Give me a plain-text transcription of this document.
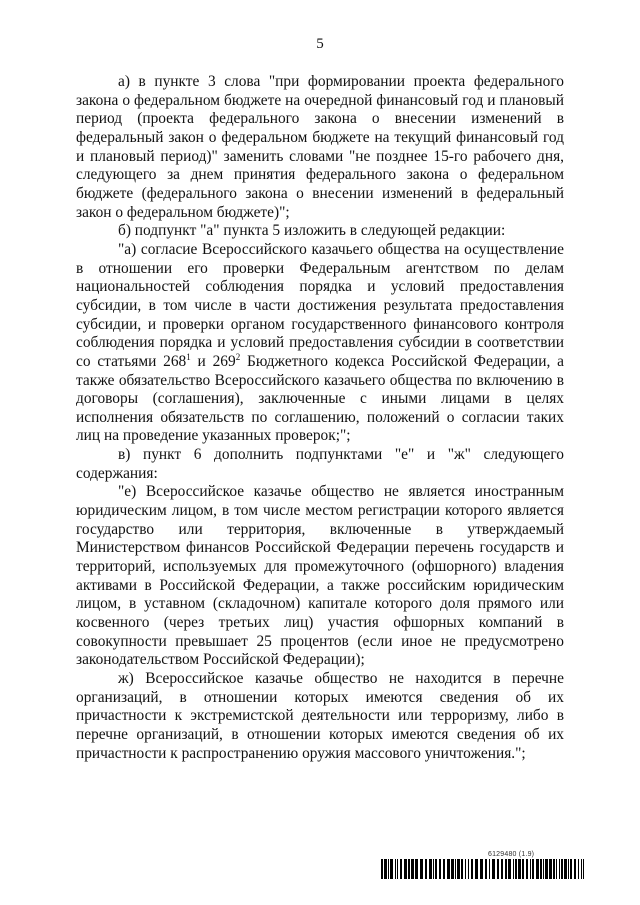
5

а) в пункте 3 слова "при формировании проекта федерального закона о федеральном бюджете на очередной финансовый год и плановый период (проекта федерального закона о внесении изменений в федеральный закон о федеральном бюджете на текущий финансовый год и плановый период)" заменить словами "не позднее 15-го рабочего дня, следующего за днем принятия федерального закона о федеральном бюджете (федерального закона о внесении изменений в федеральный закон о федеральном бюджете)";

б) подпункт "а" пункта 5 изложить в следующей редакции:

"а) согласие Всероссийского казачьего общества на осуществление в отношении его проверки Федеральным агентством по делам национальностей соблюдения порядка и условий предоставления субсидии, в том числе в части достижения результата предоставления субсидии, и проверки органом государственного финансового контроля соблюдения порядка и условий предоставления субсидии в соответствии со статьями $268^1$ и $269^2$ Бюджетного кодекса Российской Федерации, а также обязательство Всероссийского казачьего общества по включению в договоры (соглашения), заключенные с иными лицами в целях исполнения обязательств по соглашению, положений о согласии таких лиц на проведение указанных проверок;";

в) пункт 6 дополнить подпунктами "е" и "ж" следующего содержания:

"е) Всероссийское казачье общество не является иностранным юридическим лицом, в том числе местом регистрации которого является государство или территория, включенные в утверждаемый Министерством финансов Российской Федерации перечень государств и территорий, используемых для промежуточного (офшорного) владения активами в Российской Федерации, а также российским юридическим лицом, в уставном (складочном) капитале которого доля прямого или косвенного (через третьих лиц) участия офшорных компаний в совокупности превышает 25 процентов (если иное не предусмотрено законодательством Российской Федерации);

ж) Всероссийское казачье общество не находится в перечне организаций, в отношении которых имеются сведения об их причастности к экстремистской деятельности или терроризму, либо в перечне организаций, в отношении которых имеются сведения об их причастности к распространению оружия массового уничтожения.";

6129480 (1.9)
